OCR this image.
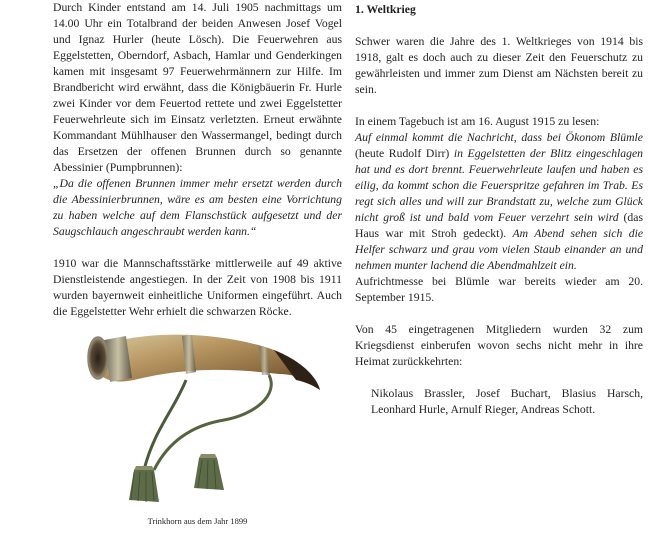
Durch Kinder entstand am 14. Juli 1905 nachmittags um 14.00 Uhr ein Totalbrand der beiden Anwesen Josef Vogel und Ignaz Hurler (heute Lösch). Die Feuerwehren aus Eggelstetten, Oberndorf, Asbach, Hamlar und Genderkingen kamen mit insgesamt 97 Feuerwehrmännern zur Hilfe. Im Brandbericht wird erwähnt, dass die Königbäuerin Fr. Hurle zwei Kinder vor dem Feuertod rettete und zwei Eggelstetter Feuerwehrleute sich im Einsatz verletzten. Erneut erwähnte Kommandant Mühlhauser den Wassermangel, bedingt durch das Ersetzen der offenen Brunnen durch so genannte Abessinier (Pumpbrunnen):

„Da die offenen Brunnen immer mehr ersetzt werden durch die Abessinierbrunnen, wäre es am besten eine Vorrichtung zu haben welche auf dem Flanschstück aufgesetzt und der Saugschlauch angeschraubt werden kann.“

1910 war die Mannschaftsstärke mittlerweile auf 49 aktive Dienstleistende angestiegen. In der Zeit von 1908 bis 1911 wurden bayernweit einheitliche Uniformen eingeführt. Auch die Eggelstetter Wehr erhielt die schwarzen Röcke.

Trinkhorn aus dem Jahr 1899

1. Weltkrieg

Schwer waren die Jahre des 1. Weltkrieges von 1914 bis 1918, galt es doch auch zu dieser Zeit den Feuerschutz zu gewährleisten und immer zum Dienst am Nächsten bereit zu sein.

In einem Tagebuch ist am 16. August 1915 zu lesen:

Auf einmal kommt die Nachricht, dass bei Ökonom Blümle (heute Rudolf Dirr) in Eggelstetten der Blitz eingeschlagen hat und es dort brennt. Feuerwehrleute laufen und haben es eilig, da kommt schon die Feuerspritze gefahren im Trab. Es regt sich alles und will zur Brandstatt zu, welche zum Glück nicht groß ist und bald vom Feuer verzehrt sein wird (das Haus war mit Stroh gedeckt). Am Abend sehen sich die Helfer schwarz und grau vom vielen Staub einander an und nehmen munter lachend die Abendmahlzeit ein.

Aufrichtmesse bei Blümle war bereits wieder am 20. September 1915.

Von 45 eingetragenen Mitgliedern wurden 32 zum Kriegsdienst einberufen wovon sechs nicht mehr in ihre Heimat zurückkehrten:

Nikolaus Brassler, Josef Buchart, Blasius Harsch, Leonhard Hurle, Arnulf Rieger, Andreas Schott.
